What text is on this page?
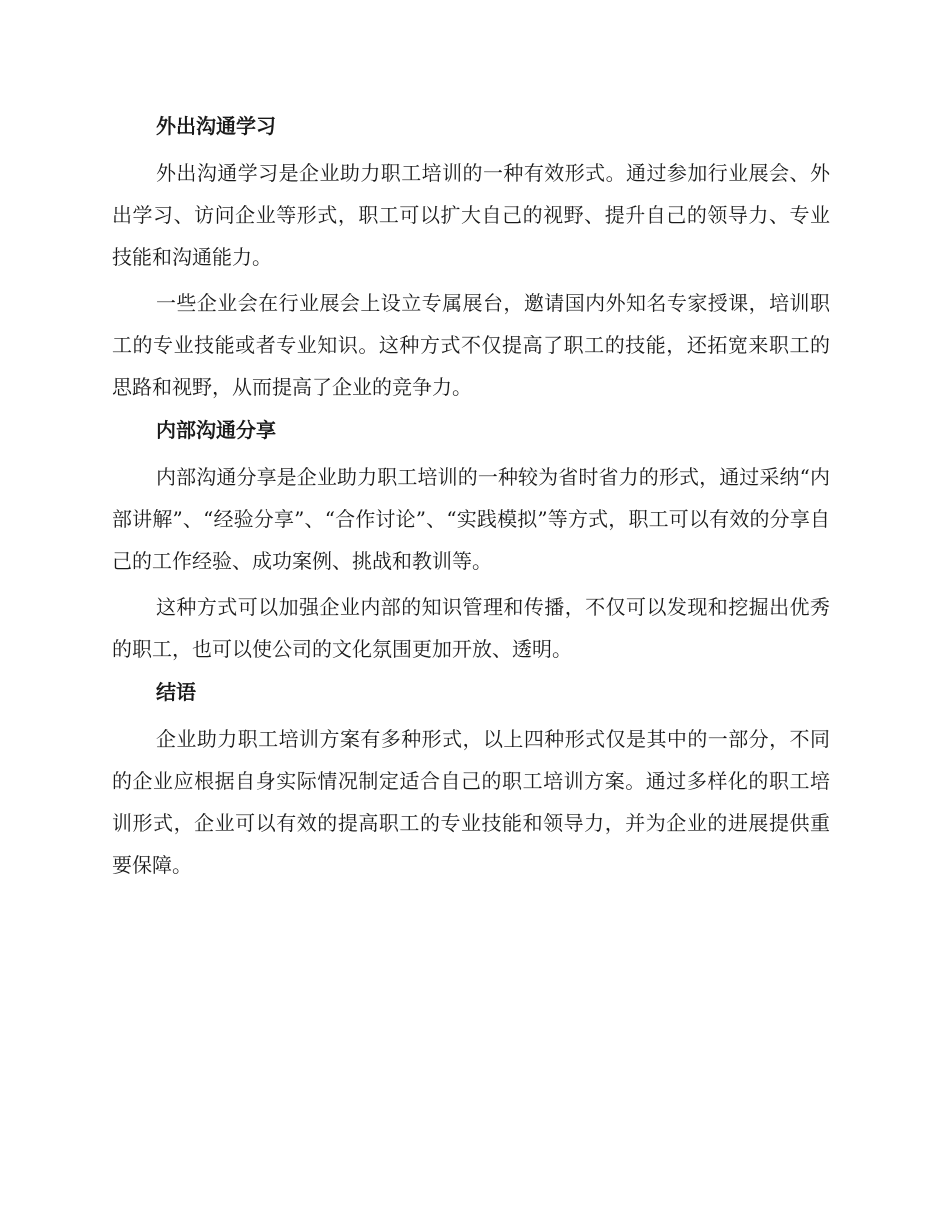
外出沟通学习

外出沟通学习是企业助力职工培训的一种有效形式。通过参加行业展会、外出学习、访问企业等形式，职工可以扩大自己的视野、提升自己的领导力、专业技能和沟通能力。

一些企业会在行业展会上设立专属展台，邀请国内外知名专家授课，培训职工的专业技能或者专业知识。这种方式不仅提高了职工的技能，还拓宽来职工的思路和视野，从而提高了企业的竞争力。

内部沟通分享

内部沟通分享是企业助力职工培训的一种较为省时省力的形式，通过采纳“内部讲解”、“经验分享”、“合作讨论”、“实践模拟”等方式，职工可以有效的分享自己的工作经验、成功案例、挑战和教训等。

这种方式可以加强企业内部的知识管理和传播，不仅可以发现和挖掘出优秀的职工，也可以使公司的文化氛围更加开放、透明。

结语

企业助力职工培训方案有多种形式，以上四种形式仅是其中的一部分，不同的企业应根据自身实际情况制定适合自己的职工培训方案。通过多样化的职工培训形式，企业可以有效的提高职工的专业技能和领导力，并为企业的进展提供重要保障。
